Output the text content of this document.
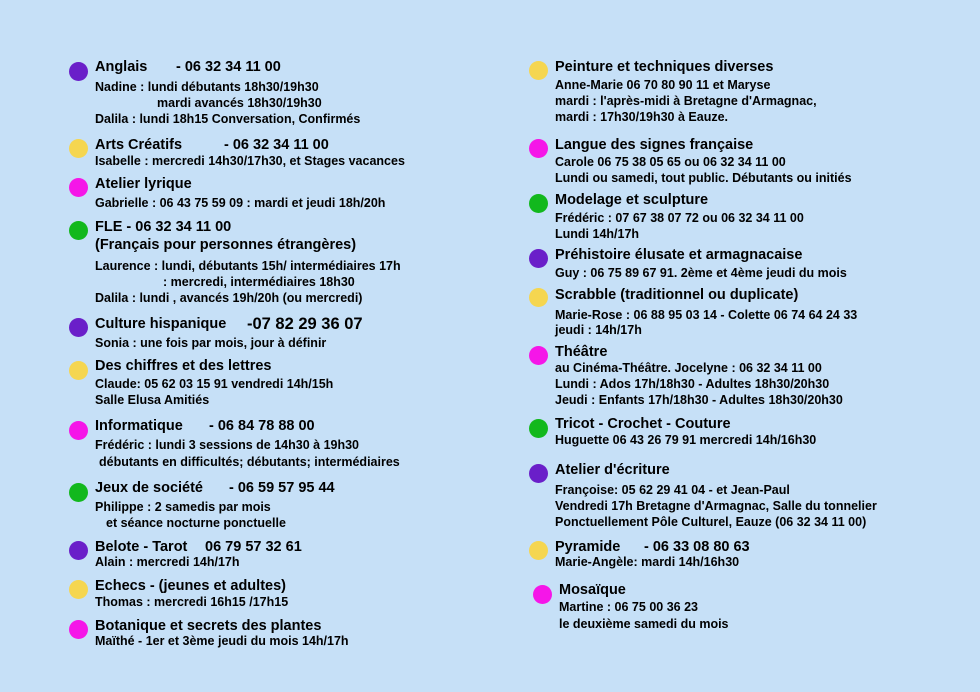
Anglais - 06 32 34 11 00
Nadine : lundi débutants 18h30/19h30
mardi avancés 18h30/19h30
Dalila : lundi 18h15 Conversation, Confirmés
Arts Créatifs	- 06 32 34 11 00
Isabelle : mercredi 14h30/17h30, et Stages vacances
Atelier lyrique
Gabrielle : 06 43 75 59 09 : mardi et jeudi 18h/20h
FLE - 06 32 34 11 00
(Français pour personnes étrangères)
Laurence : lundi, débutants 15h/ intermédiaires 17h
: mercredi, intermédiaires 18h30
Dalila : lundi , avancés 19h/20h (ou mercredi)
Culture hispanique -07 82 29 36 07
Sonia : une fois par mois, jour à définir
Des chiffres et des lettres
Claude: 05 62 03 15 91 vendredi 14h/15h
Salle Elusa Amitiés
Informatique - 06 84 78 88 00
Frédéric : lundi 3 sessions de 14h30 à 19h30
débutants en difficultés; débutants; intermédiaires
Jeux de société - 06 59 57 95 44
Philippe : 2 samedis par mois
et séance nocturne ponctuelle
Belote - Tarot 06 79 57 32 61
Alain : mercredi 14h/17h
Echecs - (jeunes et adultes)
Thomas : mercredi 16h15 /17h15
Botanique et secrets des plantes
Maïthé - 1er et 3ème jeudi du mois 14h/17h
Peinture et techniques diverses
Anne-Marie 06 70 80 90 11 et Maryse
mardi : l'après-midi à Bretagne d'Armagnac,
mardi : 17h30/19h30 à Eauze.
Langue des signes française
Carole 06 75 38 05 65 ou 06 32 34 11 00
Lundi ou samedi, tout public. Débutants ou initiés
Modelage et sculpture
Frédéric : 07 67 38 07 72 ou 06 32 34 11 00
Lundi 14h/17h
Préhistoire élusate et armagnacaise
Guy : 06 75 89 67 91. 2ème et 4ème jeudi du mois
Scrabble (traditionnel ou duplicate)
Marie-Rose : 06 88 95 03 14 - Colette 06 74 64 24 33
jeudi : 14h/17h
Théâtre
au Cinéma-Théâtre. Jocelyne : 06 32 34 11 00
Lundi : Ados 17h/18h30 - Adultes 18h30/20h30
Jeudi : Enfants 17h/18h30 - Adultes 18h30/20h30
Tricot - Crochet - Couture
Huguette 06 43 26 79 91 mercredi 14h/16h30
Atelier d'écriture
Françoise: 05 62 29 41 04 - et Jean-Paul
Vendredi 17h Bretagne d'Armagnac, Salle du tonnelier
Ponctuellement Pôle Culturel, Eauze (06 32 34 11 00)
Pyramide - 06 33 08 80 63
Marie-Angèle: mardi 14h/16h30
Mosaïque
Martine : 06 75 00 36 23
le deuxième samedi du mois
